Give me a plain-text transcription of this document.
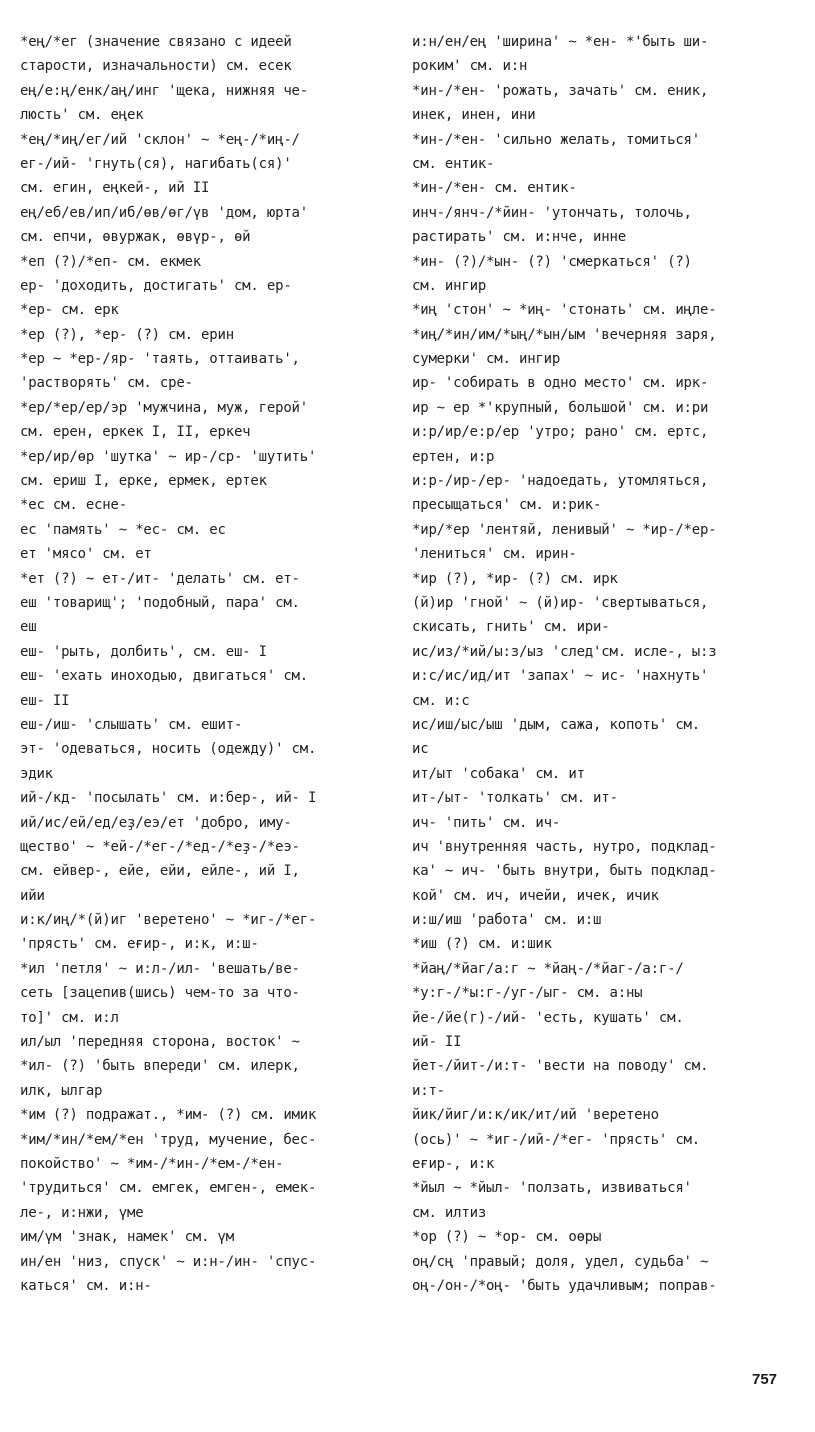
*eң/*eг (значение связано с идеей
старости, изначальности) см. есек
eң/e:ң/енк/аң/инг 'щека, нижняя че-
люсть' см. еңек
*eң/*иң/ег/ий 'склон' ~ *eң-/*иң-/
ег-/ий- 'гнуть(ся), нагибать(ся)'
см. егин, еңкей-, ий II
eң/еб/ев/ип/иб/өв/өг/үв 'дом, юрта'
см. епчи, өвуржак, өвүр-, өй
*eп (?)/*eп- см. екмек
ер- 'доходить, достигать' см. ер-
*ер- см. ерк
*ер (?), *ер- (?) см. ерин
*ер ~ *ер-/яр- 'таять, оттаивать',
'растворять' см. сре-
*ер/*ер/ер/эр 'мужчина, муж, герой'
см. ерен, еркек I, II, еркеч
*ер/ир/өр 'шутка' ~ ир-/ср- 'шутить'
см. ериш I, ерке, ермек, ертек
*ес см. есне-
ес 'память' ~ *ес- см. ес
ет 'мясо' см. ет
*ет (?) ~ ет-/ит- 'делать' см. ет-
еш 'товарищ'; 'подобный, пара' см.
еш
еш- 'рыть, долбить', см. еш- I
еш- 'ехать иноходью, двигаться' см.
еш- II
еш-/иш- 'слышать' см. ешит-
эт- 'одеваться, носить (одежду)' см.
эдик
ий-/кд- 'посылать' см. и:бер-, ий- I
ий/ис/ей/ед/еҙ/еэ/ет 'добро, иму-
щество' ~ *ей-/*ег-/*ед-/*еҙ-/*еэ-
см. ейвер-, ейе, ейи, ейле-, ий I,
ийи
и:к/иң/*(й)иг 'веретено' ~ *иг-/*ег-
'прясть' см. еғир-, и:к, и:ш-
*ил 'петля' ~ и:л-/ил- 'вешать/ве-
сеть [зацепив(шись) чем-то за что-
то]' см. и:л
ил/ыл 'передняя сторона, восток' ~
*ил- (?) 'быть впереди' см. илерк,
илк, ылгар
*им (?) подражат., *им- (?) см. имик
*им/*ин/*ем/*ен 'труд, мучение, бес-
покойство' ~ *им-/*ин-/*ем-/*ен-
'трудиться' см. емгек, емген-, емек-
ле-, и:нжи, үме
им/үм 'знак, намек' см. үм
ин/ен 'низ, спуск' ~ и:н-/ин- 'спус-
каться' см. и:н-
и:н/ен/ең 'ширина' ~ *ен- *'быть ши-
роким' см. и:н
*ин-/*ен- 'рожать, зачать' см. еник,
инек, инен, ини
*ин-/*ен- 'сильно желать, томиться'
см. ентик-
*ин-/*ен- см. ентик-
инч-/янч-/*йин- 'утончать, толочь,
растирать' см. и:нче, инне
*ин- (?)/*ын- (?) 'смеркаться' (?)
см. ингир
*иң 'стон' ~ *иң- 'стонать' см. иңле-
*иң/*ин/им/*ың/*ын/ым 'вечерняя заря,
сумерки' см. ингир
ир- 'собирать в одно место' см. ирк-
ир ~ ер *'крупный, большой' см. и:ри
и:р/ир/е:р/ер 'утро; рано' см. ертс,
ертен, и:р
и:р-/ир-/ер- 'надоедать, утомляться,
пресыщаться' см. и:рик-
*ир/*ер 'лентяй, ленивый' ~ *ир-/*ер-
'лениться' см. ирин-
*ир (?), *ир- (?) см. ирк
(й)ир 'гной' ~ (й)ир- 'свертываться,
скисать, гнить' см. ири-
ис/из/*ий/ы:з/ыз 'след'см. исле-, ы:з
и:с/ис/ид/ит 'запах' ~ ис- 'нахнуть'
см. и:с
ис/иш/ыс/ыш 'дым, сажа, копоть' см.
ис
ит/ыт 'собака' см. ит
ит-/ыт- 'толкать' см. ит-
ич- 'пить' см. ич-
ич 'внутренняя часть, нутро, подклад-
ка' ~ ич- 'быть внутри, быть подклад-
кой' см. ич, ичейи, ичек, ичик
и:ш/иш 'работа' см. и:ш
*иш (?) см. и:шик
*йаң/*йаг/а:г ~ *йаң-/*йаг-/а:г-/
*у:г-/*ы:г-/уг-/ыг- см. а:ны
йе-/йе(г)-/ий- 'есть, кушать' см.
ий- II
йет-/йит-/и:т- 'вести на поводу' см.
и:т-
йик/йиг/и:к/ик/ит/ий 'веретено
(ось)' ~ *иг-/ий-/*ег- 'прясть' см.
еғир-, и:к
*йыл ~ *йыл- 'ползать, извиваться'
см. илтиз
*ор (?) ~ *ор- см. оөры
оң/сң 'правый; доля, удел, судьба' ~
оң-/он-/*оң- 'быть удачливым; поправ-
757
